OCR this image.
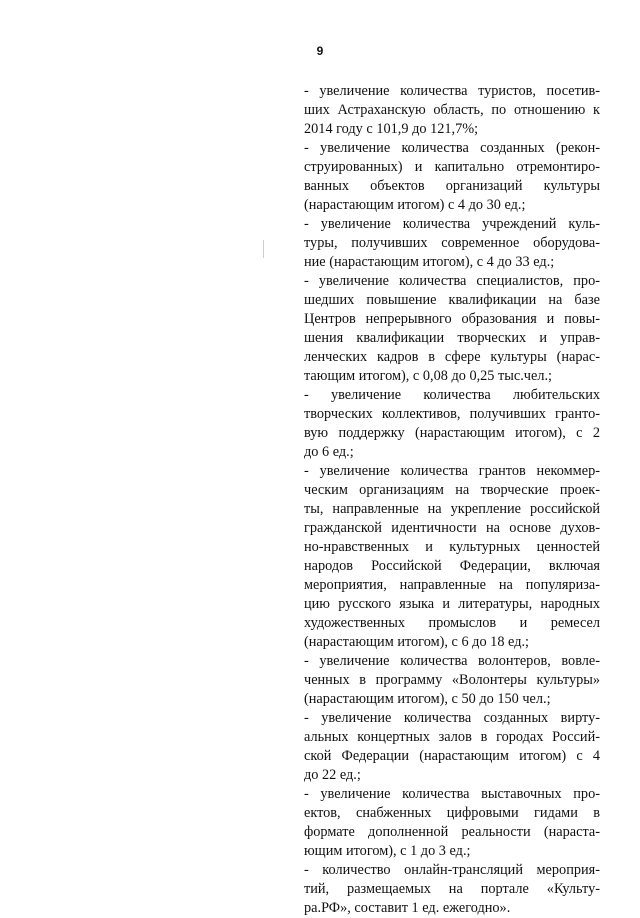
9
- увеличение количества туристов, посетив-
ших Астраханскую область, по отношению к
2014 году с 101,9 до 121,7%;
- увеличение количества созданных (рекон-
струированных) и капитально отремонтиро-
ванных объектов организаций культуры
(нарастающим итогом) с 4 до 30 ед.;
- увеличение количества учреждений куль-
туры, получивших современное оборудова-
ние (нарастающим итогом), с 4 до 33 ед.;
- увеличение количества специалистов, про-
шедших повышение квалификации на базе
Центров непрерывного образования и повы-
шения квалификации творческих и управ-
ленческих кадров в сфере культуры (нарас-
тающим итогом), с 0,08 до 0,25 тыс.чел.;
- увеличение количества любительских
творческих коллективов, получивших гранто-
вую поддержку (нарастающим итогом), с 2
до 6 ед.;
- увеличение количества грантов некоммер-
ческим организациям на творческие проек-
ты, направленные на укрепление российской
гражданской идентичности на основе духов-
но-нравственных и культурных ценностей
народов Российской Федерации, включая
мероприятия, направленные на популяриза-
цию русского языка и литературы, народных
художественных промыслов и ремесел
(нарастающим итогом), с 6 до 18 ед.;
- увеличение количества волонтеров, вовле-
ченных в программу «Волонтеры культуры»
(нарастающим итогом), с 50 до 150 чел.;
- увеличение количества созданных вирту-
альных концертных залов в городах Россий-
ской Федерации (нарастающим итогом) с 4
до 22 ед.;
- увеличение количества выставочных про-
ектов, снабженных цифровыми гидами в
формате дополненной реальности (нараста-
ющим итогом), с 1 до 3 ед.;
- количество онлайн-трансляций мероприя-
тий, размещаемых на портале «Культу-
ра.РФ», составит 1 ед. ежегодно».
